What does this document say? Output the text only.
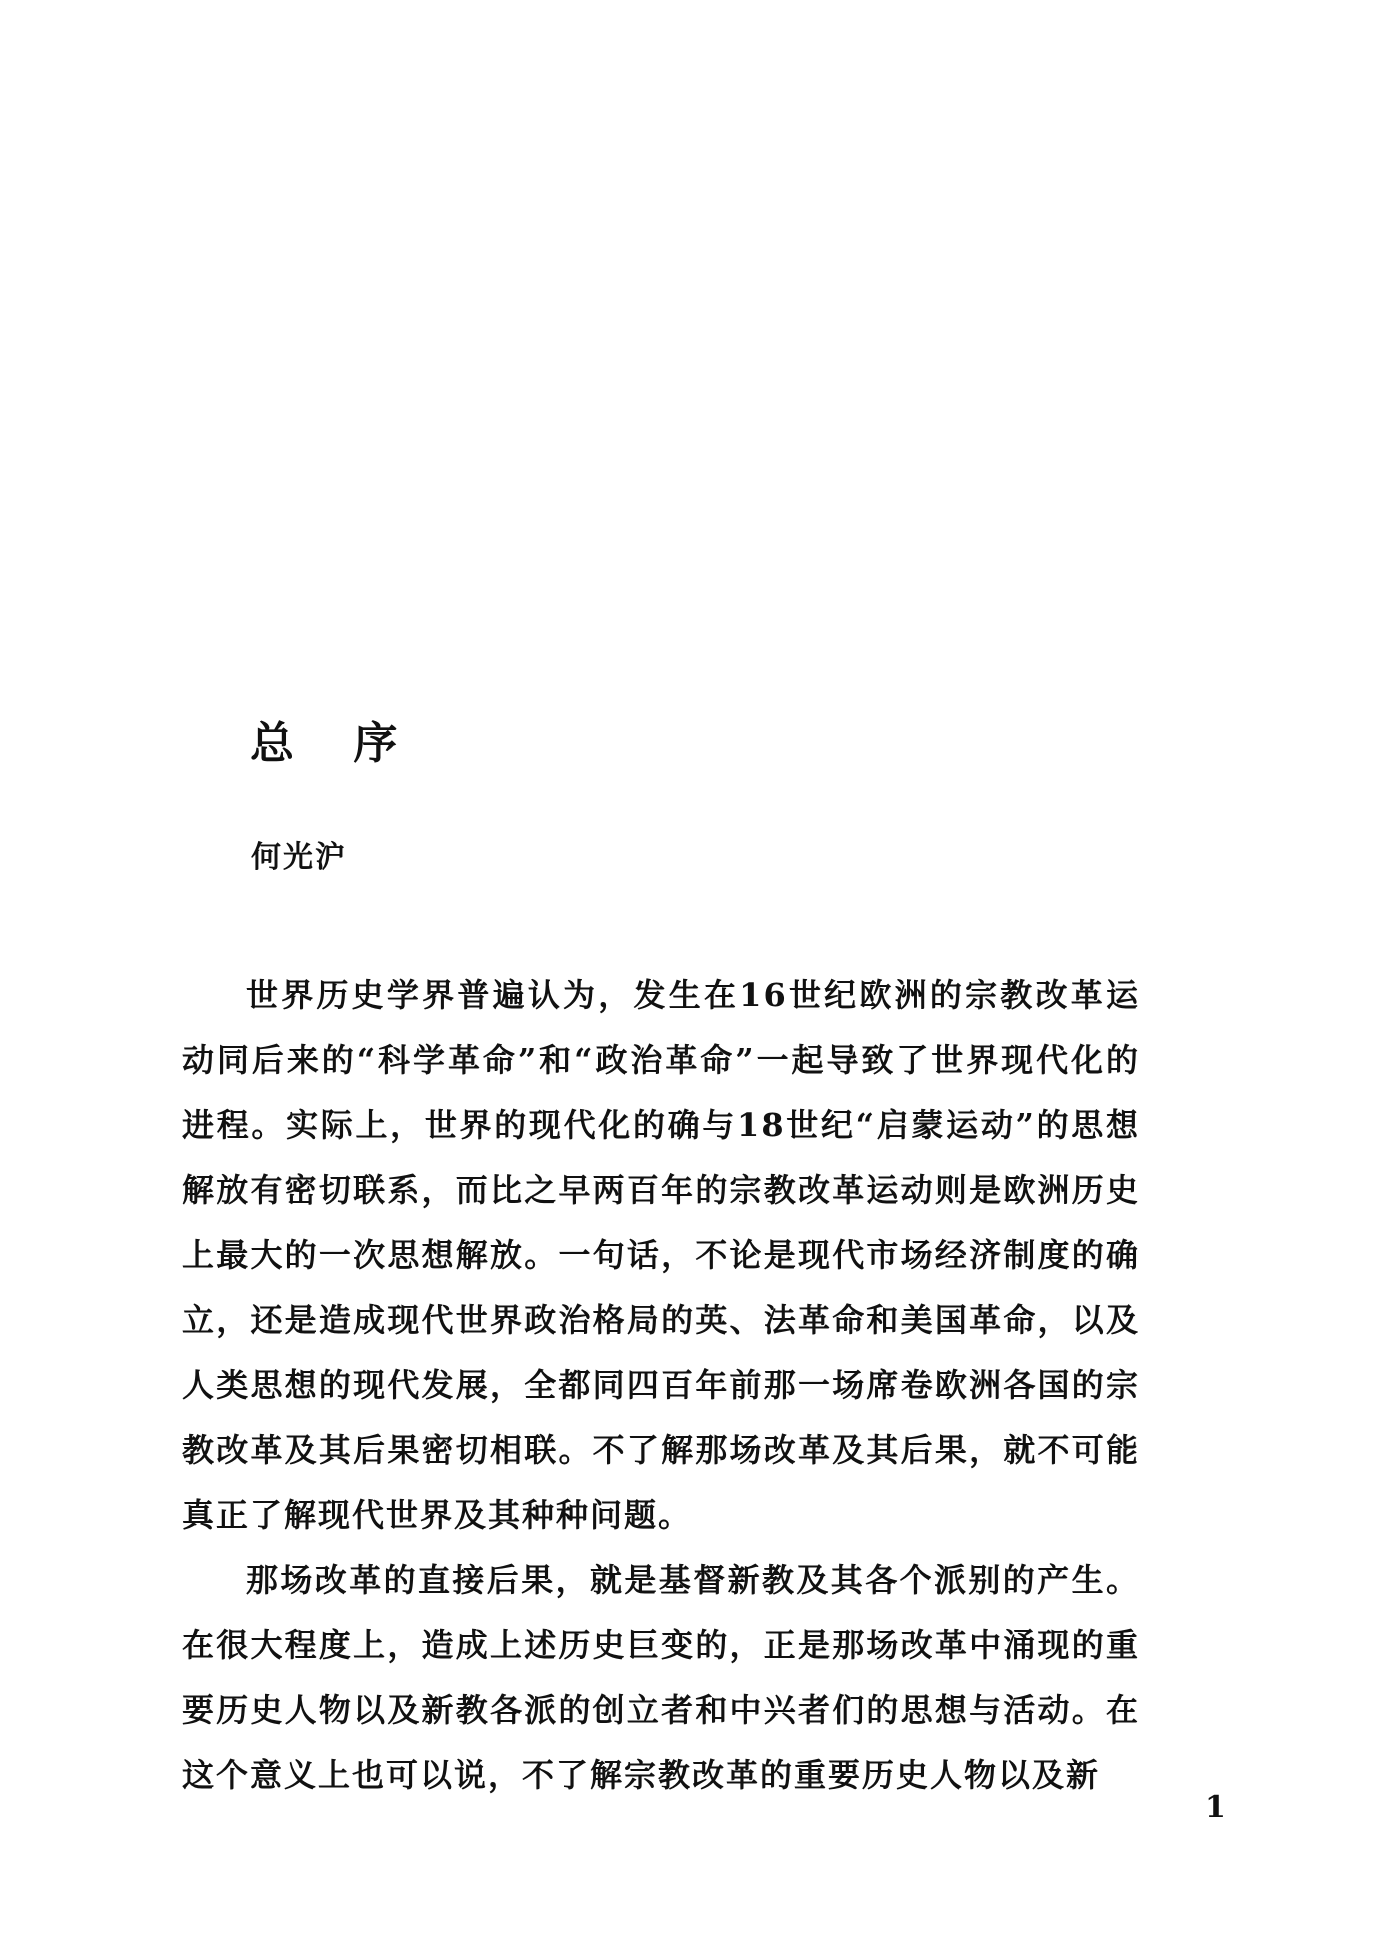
总 序
何光沪

世界历史学界普遍认为，发生在16世纪欧洲的宗教改革运动同后来的“科学革命”和“政治革命”一起导致了世界现代化的进程。实际上，世界的现代化的确与18世纪“启蒙运动”的思想解放有密切联系，而比之早两百年的宗教改革运动则是欧洲历史上最大的一次思想解放。一句话，不论是现代市场经济制度的确立，还是造成现代世界政治格局的英、法革命和美国革命，以及人类思想的现代发展，全都同四百年前那一场席卷欧洲各国的宗教改革及其后果密切相联。不了解那场改革及其后果，就不可能真正了解现代世界及其种种问题。

那场改革的直接后果，就是基督新教及其各个派别的产生。在很大程度上，造成上述历史巨变的，正是那场改革中涌现的重要历史人物以及新教各派的创立者和中兴者们的思想与活动。在这个意义上也可以说，不了解宗教改革的重要历史人物以及新

1
